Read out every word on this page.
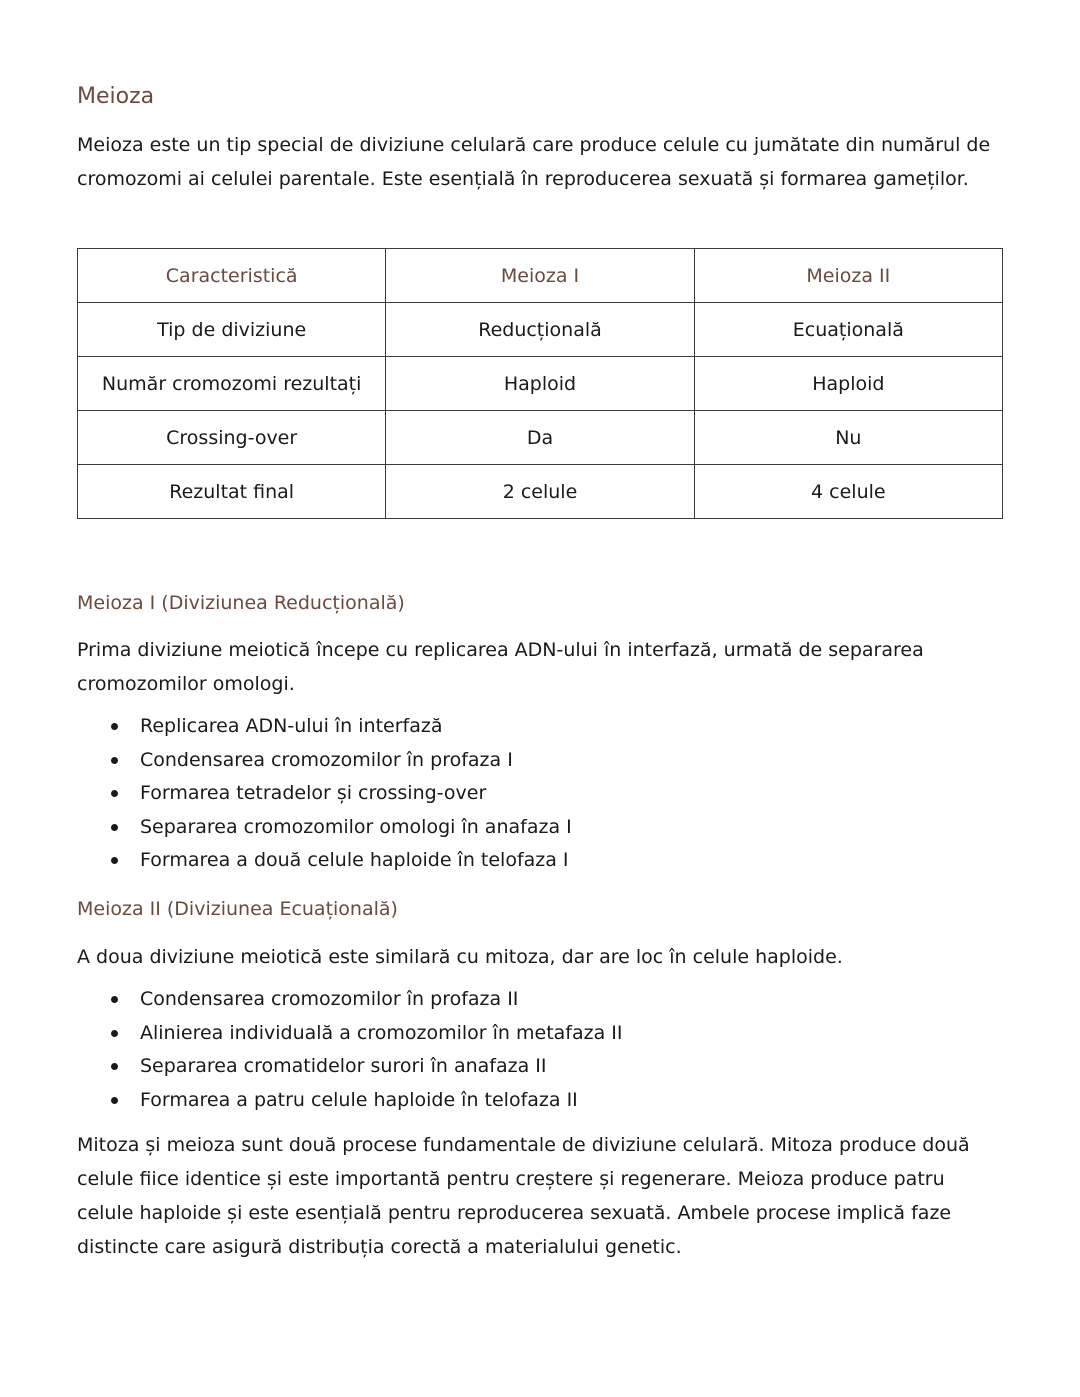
Meioza

Meioza este un tip special de diviziune celulară care produce celule cu jumătate din numărul de cromozomi ai celulei parentale. Este esențială în reproducerea sexuată și formarea gameților.

Caracteristică	Meioza I	Meioza II
Tip de diviziune	Reducțională	Ecuațională
Număr cromozomi rezultați	Haploid	Haploid
Crossing-over	Da	Nu
Rezultat final	2 celule	4 celule
Meioza I (Diviziunea Reducțională)

Prima diviziune meiotică începe cu replicarea ADN-ului în interfază, urmată de separarea cromozomilor omologi.

Replicarea ADN-ului în interfază
Condensarea cromozomilor în profaza I
Formarea tetradelor și crossing-over
Separarea cromozomilor omologi în anafaza I
Formarea a două celule haploide în telofaza I
Meioza II (Diviziunea Ecuațională)

A doua diviziune meiotică este similară cu mitoza, dar are loc în celule haploide.

Condensarea cromozomilor în profaza II
Alinierea individuală a cromozomilor în metafaza II
Separarea cromatidelor surori în anafaza II
Formarea a patru celule haploide în telofaza II

Mitoza și meioza sunt două procese fundamentale de diviziune celulară. Mitoza produce două celule fiice identice și este importantă pentru creștere și regenerare. Meioza produce patru celule haploide și este esențială pentru reproducerea sexuată. Ambele procese implică faze distincte care asigură distribuția corectă a materialului genetic.
